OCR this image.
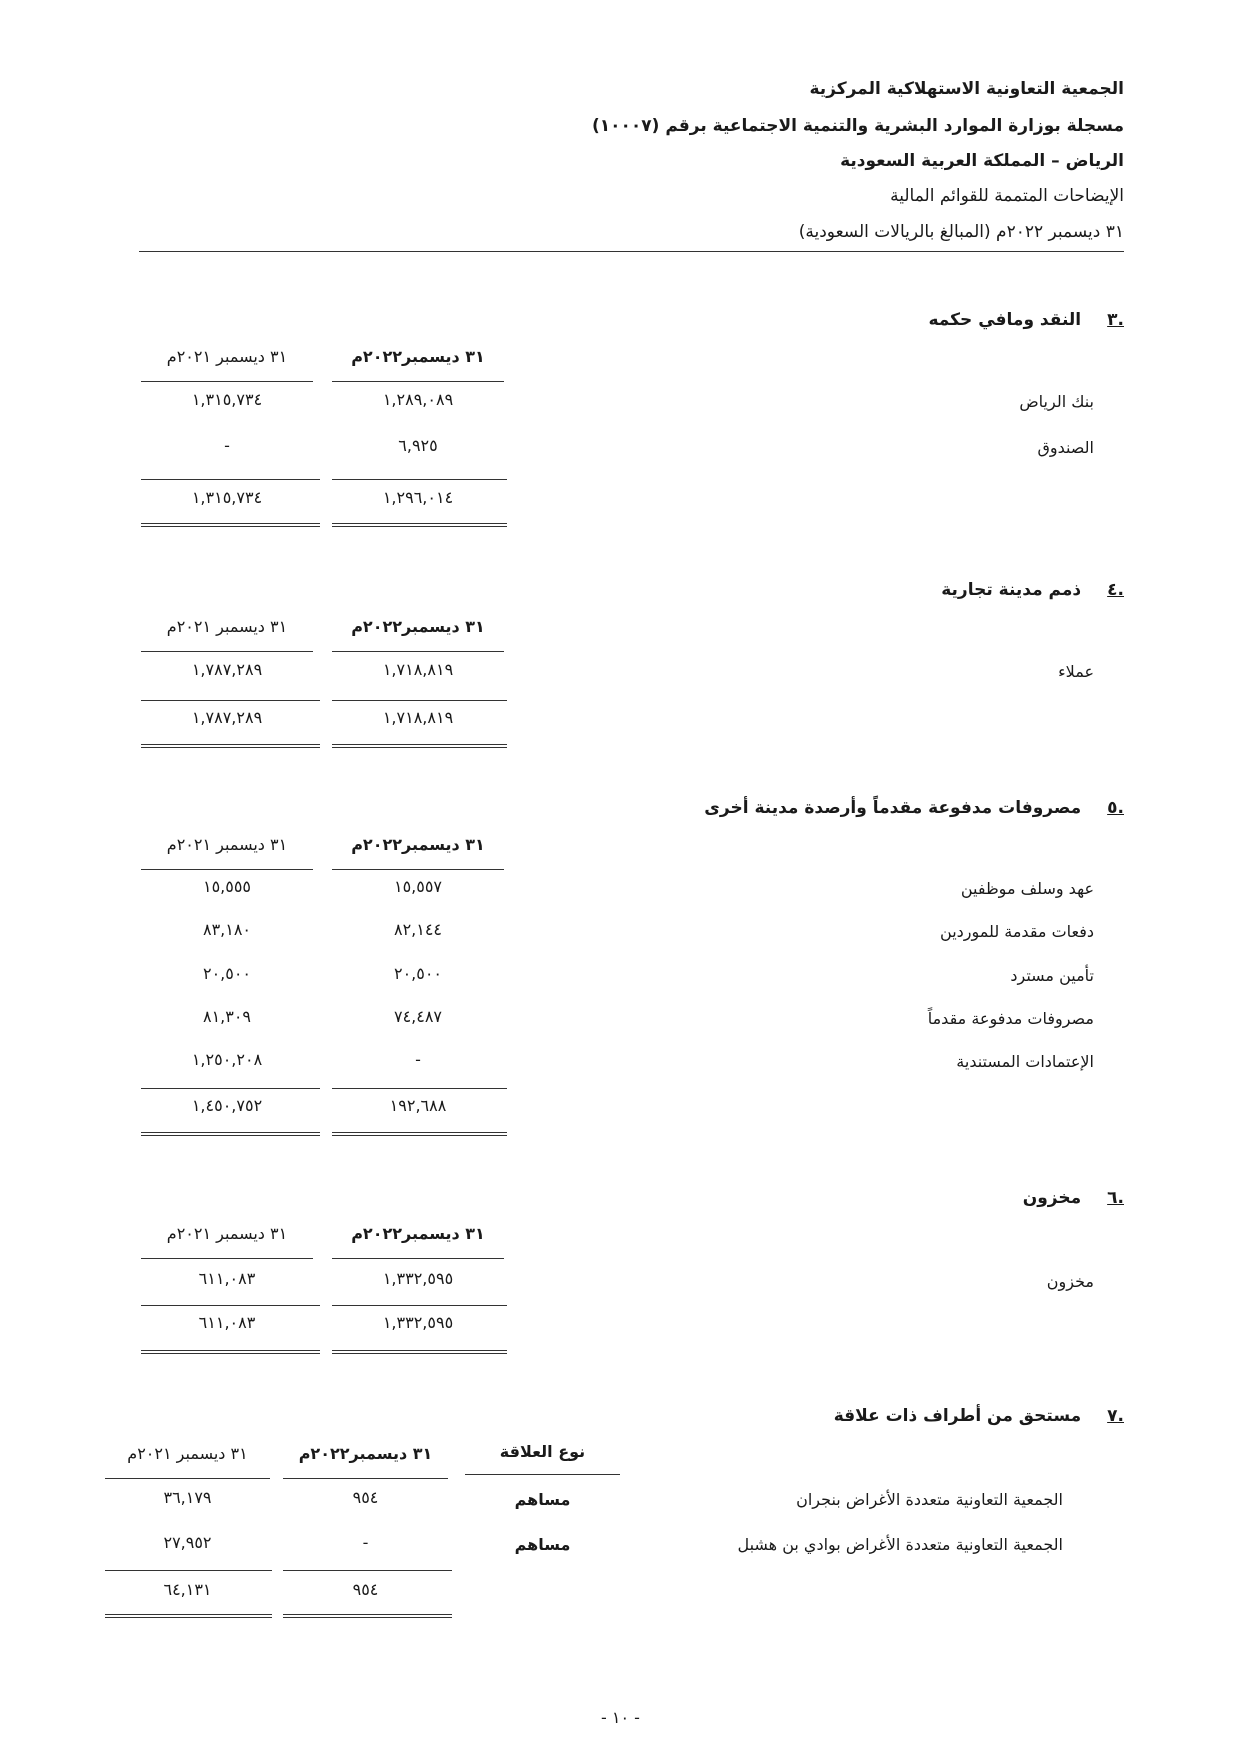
الجمعية التعاونية الاستهلاكية المركزية
مسجلة بوزارة الموارد البشرية والتنمية الاجتماعية برقم (١٠٠٠٧)
الرياض – المملكة العربية السعودية
الإيضاحات المتممة للقوائم المالية
٣١ ديسمبر ٢٠٢٢م (المبالغ بالريالات السعودية)
.٣النقد ومافي حكمه
٣١ ديسمبر٢٠٢٢م
٣١ ديسمبر ٢٠٢١م
بنك الرياض
١,٢٨٩,٠٨٩
١,٣١٥,٧٣٤
الصندوق
٦,٩٢٥
-
١,٢٩٦,٠١٤
١,٣١٥,٧٣٤
.٤ذمم مدينة تجارية
٣١ ديسمبر٢٠٢٢م
٣١ ديسمبر ٢٠٢١م
عملاء
١,٧١٨,٨١٩
١,٧٨٧,٢٨٩
١,٧١٨,٨١٩
١,٧٨٧,٢٨٩
.٥مصروفات مدفوعة مقدماً وأرصدة مدينة أخرى
٣١ ديسمبر٢٠٢٢م
٣١ ديسمبر ٢٠٢١م
عهد وسلف موظفين
١٥,٥٥٧
١٥,٥٥٥
دفعات مقدمة للموردين
٨٢,١٤٤
٨٣,١٨٠
تأمين مسترد
٢٠,٥٠٠
٢٠,٥٠٠
مصروفات مدفوعة مقدماً
٧٤,٤٨٧
٨١,٣٠٩
الإعتمادات المستندية
-
١,٢٥٠,٢٠٨
١٩٢,٦٨٨
١,٤٥٠,٧٥٢
.٦مخزون
٣١ ديسمبر٢٠٢٢م
٣١ ديسمبر ٢٠٢١م
مخزون
١,٣٣٢,٥٩٥
٦١١,٠٨٣
١,٣٣٢,٥٩٥
٦١١,٠٨٣
.٧مستحق من أطراف ذات علاقة
نوع العلاقة
٣١ ديسمبر٢٠٢٢م
٣١ ديسمبر ٢٠٢١م
الجمعية التعاونية متعددة الأغراض بنجران
مساهم
٩٥٤
٣٦,١٧٩
الجمعية التعاونية متعددة الأغراض بوادي بن هشبل
مساهم
-
٢٧,٩٥٢
٩٥٤
٦٤,١٣١
- ١٠ -
